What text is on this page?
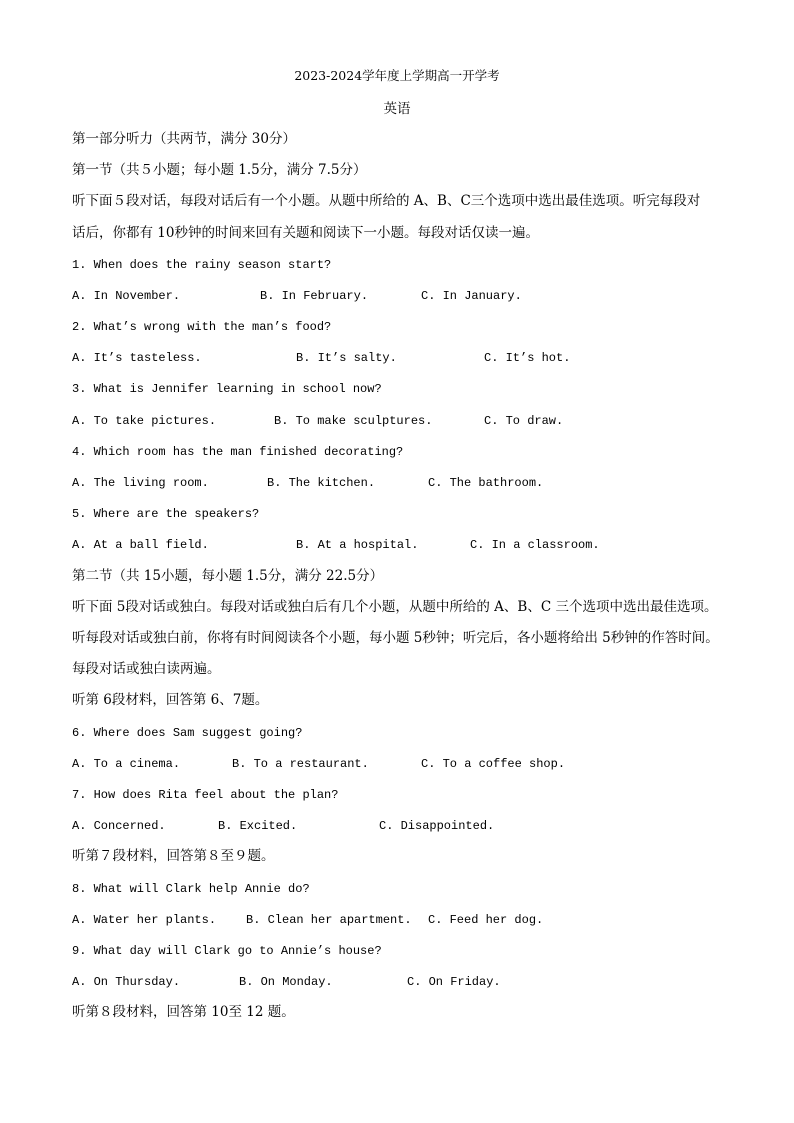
2023-2024学年度上学期高一开学考
英语
第一部分听力（共两节，满分 30分）
第一节（共５小题；每小题 1.5分，满分 7.5分）
听下面５段对话，每段对话后有一个小题。从题中所给的 A、B、C三个选项中选出最佳选项。听完每段对
话后，你都有 10秒钟的时间来回有关题和阅读下一小题。每段对话仅读一遍。
1. When does the rainy season start?
A. In November.	B. In February.	C. In January.
2. What’s wrong with the man’s food?
A. It’s tasteless.	B. It’s salty.	C. It’s hot.
3. What is Jennifer learning in school now?
A. To take pictures.	B. To make sculptures.	C. To draw.
4. Which room has the man finished decorating?
A. The living room.	B. The kitchen.	C. The bathroom.
5. Where are the speakers?
A. At a ball field.	B. At a hospital.	C. In a classroom.
第二节（共 15小题，每小题 1.5分，满分 22.5分）
听下面 5段对话或独白。每段对话或独白后有几个小题，从题中所给的 A、B、C 三个选项中选出最佳选项。
听每段对话或独白前，你将有时间阅读各个小题，每小题 5秒钟；听完后，各小题将给出 5秒钟的作答时间。
每段对话或独白读两遍。
听第 6段材料，回答第 6、7题。
6. Where does Sam suggest going?
A. To a cinema.	B. To a restaurant.	C. To a coffee shop.
7. How does Rita feel about the plan?
A. Concerned.	B. Excited.	C. Disappointed.
听第７段材料，回答第８至９题。
8. What will Clark help Annie do?
A. Water her plants. B. Clean her apartment. C. Feed her dog.
9. What day will Clark go to Annie’s house?
A. On Thursday.	B. On Monday.	C. On Friday.
听第８段材料，回答第 10至 12 题。
